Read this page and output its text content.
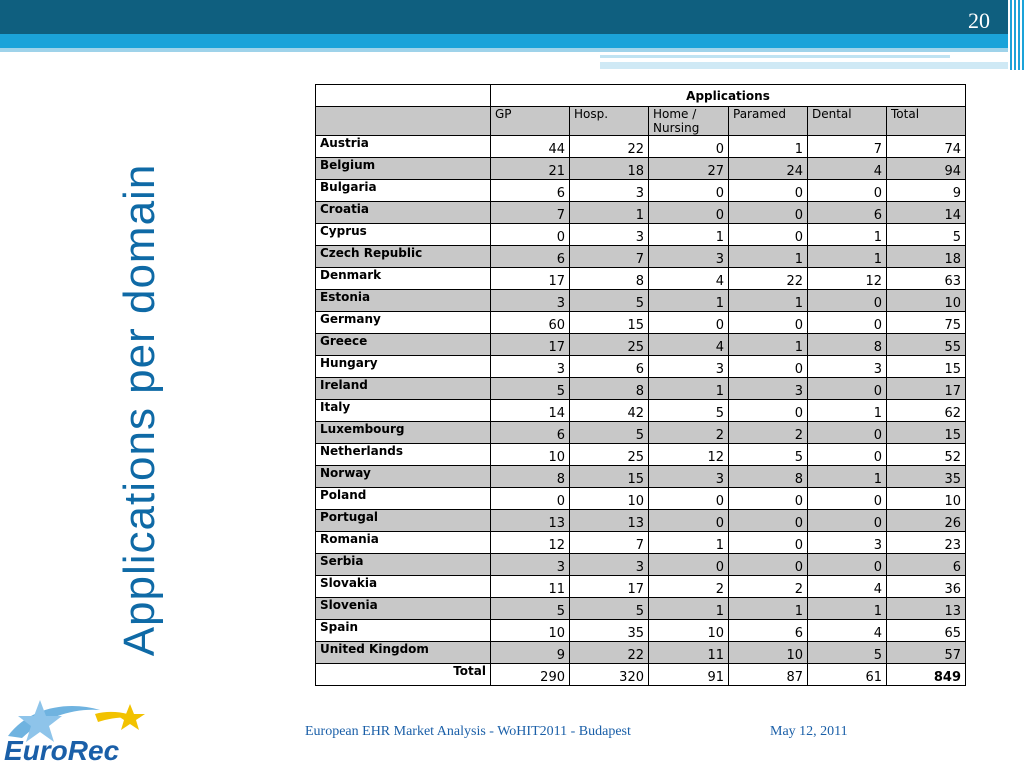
20
Applications per domain
	Applications					
	GP	Hosp.	Home / Nursing	Paramed	Dental	Total
Austria	44	22	0	1	7	74
Belgium	21	18	27	24	4	94
Bulgaria	6	3	0	0	0	9
Croatia	7	1	0	0	6	14
Cyprus	0	3	1	0	1	5
Czech Republic	6	7	3	1	1	18
Denmark	17	8	4	22	12	63
Estonia	3	5	1	1	0	10
Germany	60	15	0	0	0	75
Greece	17	25	4	1	8	55
Hungary	3	6	3	0	3	15
Ireland	5	8	1	3	0	17
Italy	14	42	5	0	1	62
Luxembourg	6	5	2	2	0	15
Netherlands	10	25	12	5	0	52
Norway	8	15	3	8	1	35
Poland	0	10	0	0	0	10
Portugal	13	13	0	0	0	26
Romania	12	7	1	0	3	23
Serbia	3	3	0	0	0	6
Slovakia	11	17	2	2	4	36
Slovenia	5	5	1	1	1	13
Spain	10	35	10	6	4	65
United Kingdom	9	22	11	10	5	57
Total	290	320	91	87	61	849
European EHR Market Analysis - WoHIT2011 - Budapest	May 12, 2011
EuroRec
